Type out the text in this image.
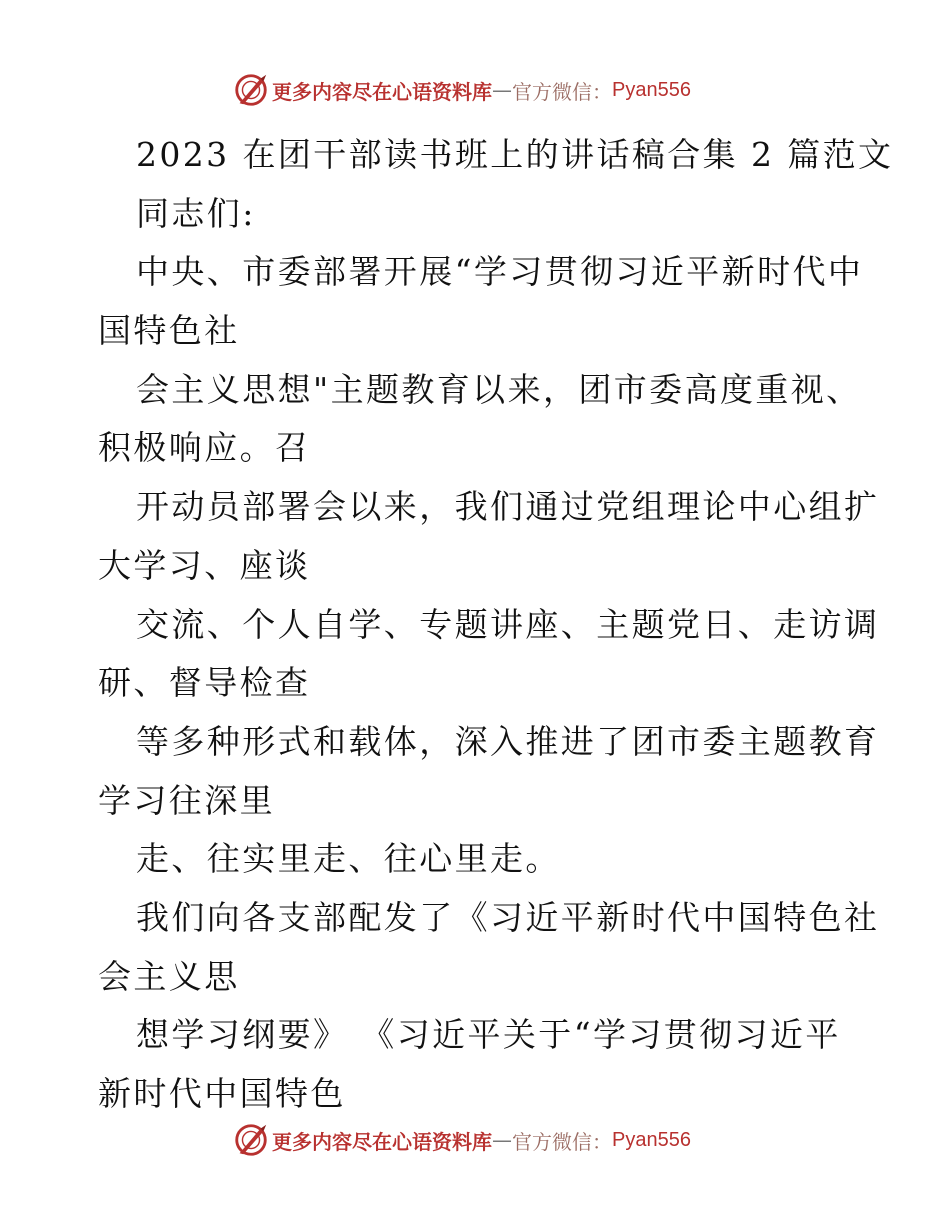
更多内容尽在心语资料库 — 官方微信： Pyan556
2023 在团干部读书班上的讲话稿合集 2 篇范文
同志们:
中央、市委部署开展“学习贯彻习近平新时代中
国特色社
会主义思想"主题教育以来，团市委高度重视、
积极响应。召
开动员部署会以来，我们通过党组理论中心组扩
大学习、座谈
交流、个人自学、专题讲座、主题党日、走访调
研、督导检查
等多种形式和载体，深入推进了团市委主题教育
学习往深里
走、往实里走、往心里走。
我们向各支部配发了《习近平新时代中国特色社
会主义思
想学习纲要》 《习近平关于“学习贯彻习近平
新时代中国特色
更多内容尽在心语资料库 — 官方微信： Pyan556
